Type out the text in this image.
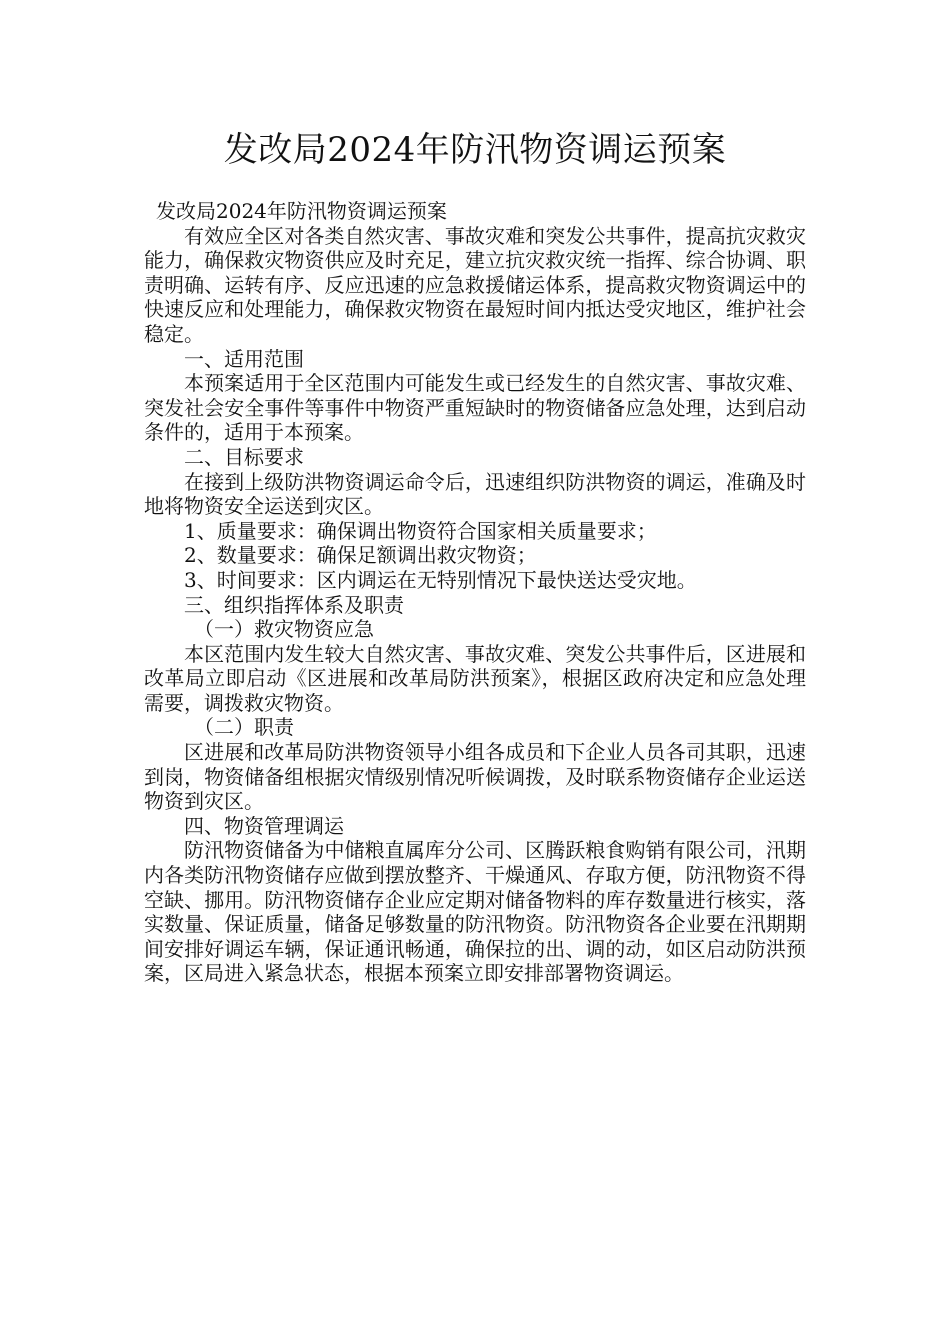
发改局2024年防汛物资调运预案

发改局2024年防汛物资调运预案

有效应全区对各类自然灾害、事故灾难和突发公共事件，提高抗灾救灾能力，确保救灾物资供应及时充足，建立抗灾救灾统一指挥、综合协调、职责明确、运转有序、反应迅速的应急救援储运体系，提高救灾物资调运中的快速反应和处理能力，确保救灾物资在最短时间内抵达受灾地区，维护社会稳定。

一、适用范围

本预案适用于全区范围内可能发生或已经发生的自然灾害、事故灾难、突发社会安全事件等事件中物资严重短缺时的物资储备应急处理，达到启动条件的，适用于本预案。

二、目标要求

在接到上级防洪物资调运命令后，迅速组织防洪物资的调运，准确及时地将物资安全运送到灾区。

1、质量要求：确保调出物资符合国家相关质量要求；

2、数量要求：确保足额调出救灾物资；

3、时间要求：区内调运在无特别情况下最快送达受灾地。

三、组织指挥体系及职责

（一）救灾物资应急

本区范围内发生较大自然灾害、事故灾难、突发公共事件后，区进展和改革局立即启动《区进展和改革局防洪预案》，根据区政府决定和应急处理需要，调拨救灾物资。

（二）职责

区进展和改革局防洪物资领导小组各成员和下企业人员各司其职，迅速到岗，物资储备组根据灾情级别情况听候调拨，及时联系物资储存企业运送物资到灾区。

四、物资管理调运

防汛物资储备为中储粮直属库分公司、区腾跃粮食购销有限公司，汛期内各类防汛物资储存应做到摆放整齐、干燥通风、存取方便，防汛物资不得空缺、挪用。防汛物资储存企业应定期对储备物料的库存数量进行核实，落实数量、保证质量，储备足够数量的防汛物资。防汛物资各企业要在汛期期间安排好调运车辆，保证通讯畅通，确保拉的出、调的动，如区启动防洪预案，区局进入紧急状态，根据本预案立即安排部署物资调运。
